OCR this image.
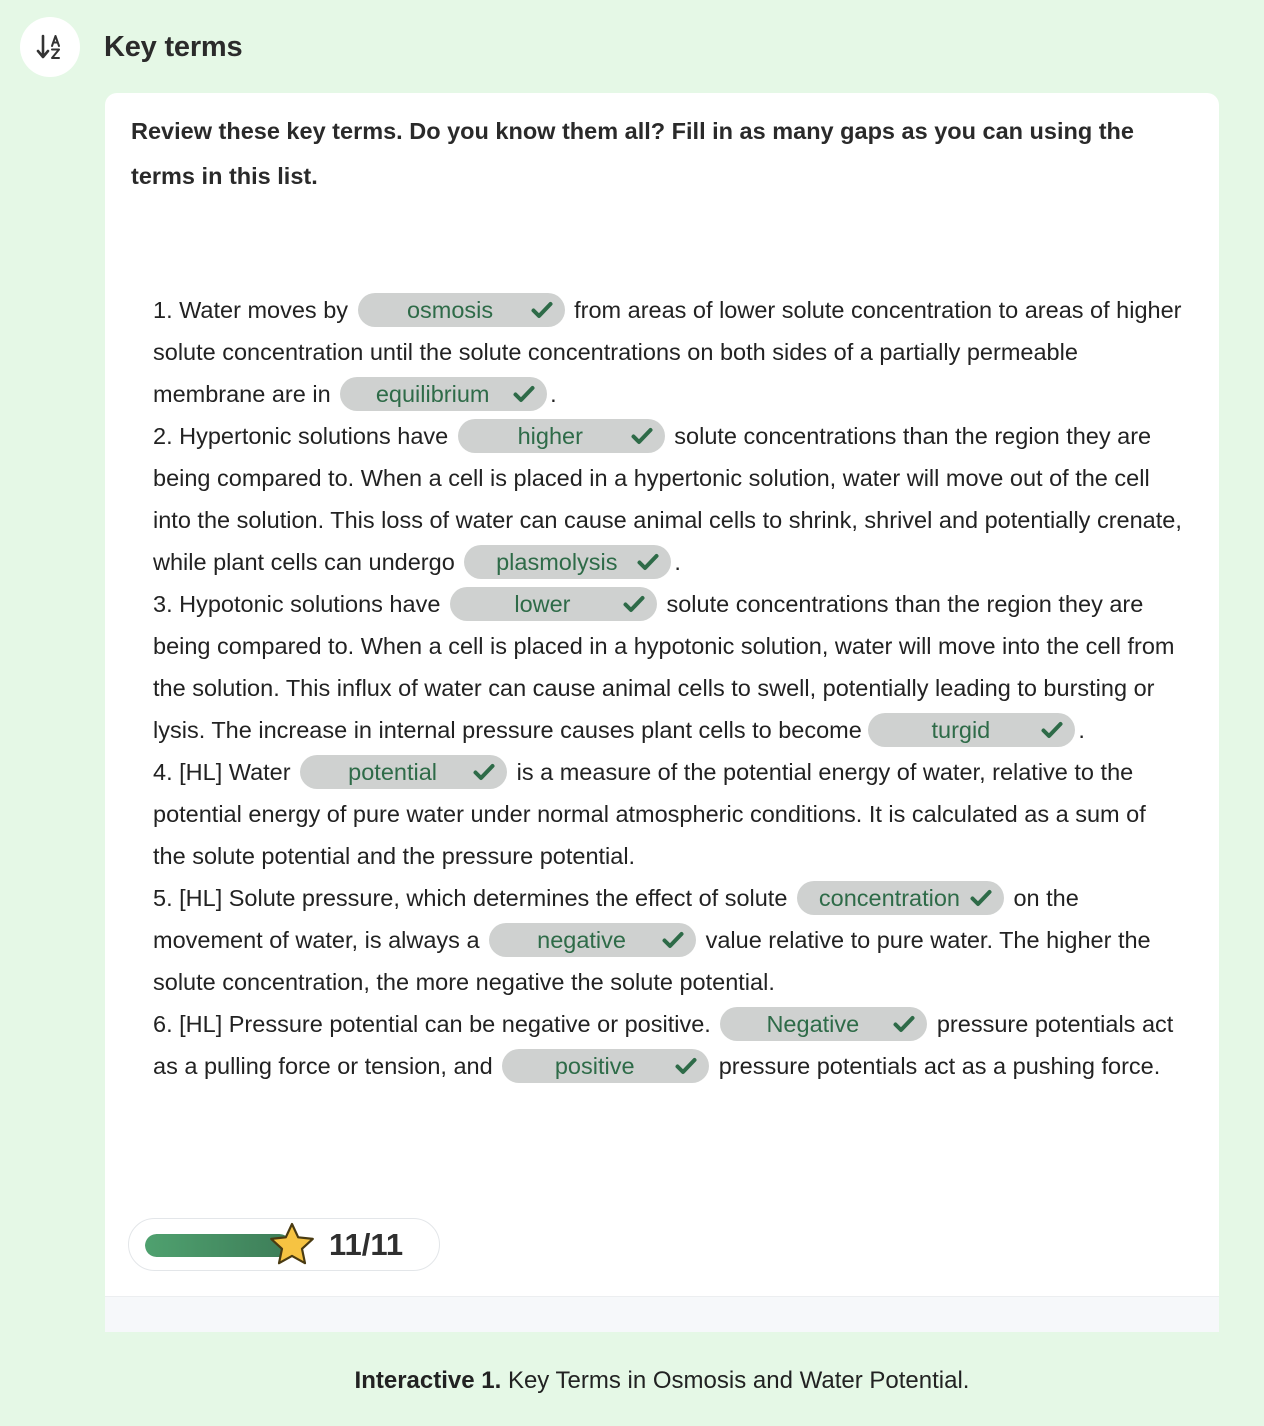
Key terms

Review these key terms. Do you know them all? Fill in as many gaps as you can using the terms in this list.

1. Water moves by	osmosis	from areas of lower solute concentration to areas of higher solute concentration until the solute concentrations on both sides of a partially permeable membrane are in	equilibrium	.

2. Hypertonic solutions have	higher	solute concentrations than the region they are being compared to. When a cell is placed in a hypertonic solution, water will move out of the cell into the solution. This loss of water can cause animal cells to shrink, shrivel and potentially crenate, while plant cells can undergo	plasmolysis	.

3. Hypotonic solutions have	lower	solute concentrations than the region they are being compared to. When a cell is placed in a hypotonic solution, water will move into the cell from the solution. This influx of water can cause animal cells to swell, potentially leading to bursting or lysis. The increase in internal pressure causes plant cells to become	turgid	.

4. [HL] Water	potential	is a measure of the potential energy of water, relative to the potential energy of pure water under normal atmospheric conditions. It is calculated as a sum of the solute potential and the pressure potential.

5. [HL] Solute pressure, which determines the effect of solute	concentration	on the movement of water, is always a	negative	value relative to pure water. The higher the solute concentration, the more negative the solute potential.

6. [HL] Pressure potential can be negative or positive.	Negative	pressure potentials act as a pulling force or tension, and	positive	pressure potentials act as a pushing force.

11/11
Interactive 1. Key Terms in Osmosis and Water Potential.
